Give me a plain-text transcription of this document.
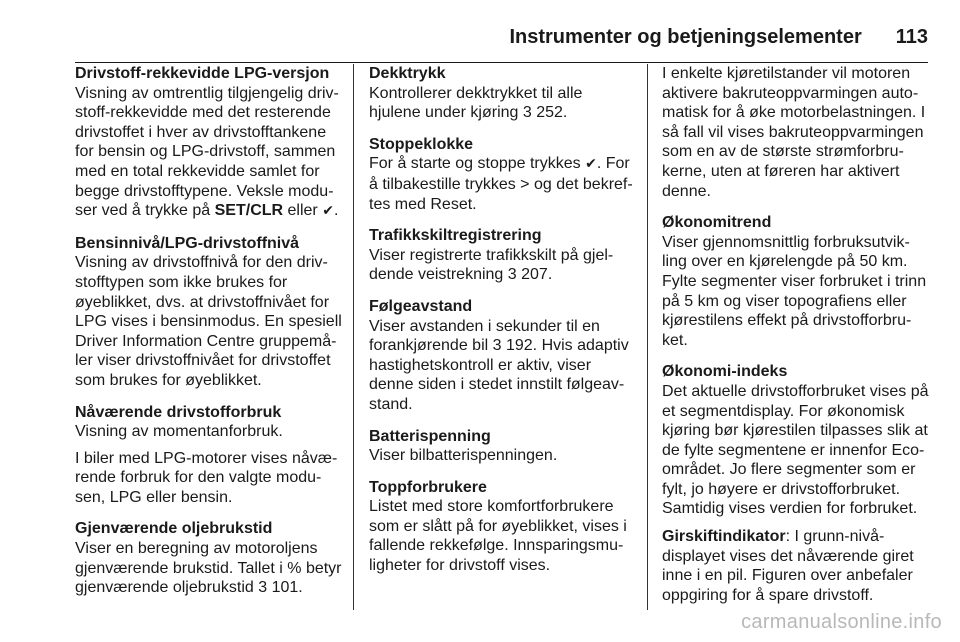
Instrumenter og betjeningselementer 113
Drivstoff-rekkevidde LPG-versjon

Visning av omtrentlig tilgjengelig driv-

stoff-rekkevidde med det resterende

drivstoffet i hver av drivstofftankene

for bensin og LPG-drivstoff, sammen

med en total rekkevidde samlet for

begge drivstofftypene. Veksle modu-

ser ved å trykke på SET/CLR eller ✔.

Bensinnivå/LPG-drivstoffnivå

Visning av drivstoffnivå for den driv-

stofftypen som ikke brukes for

øyeblikket, dvs. at drivstoffnivået for

LPG vises i bensinmodus. En spesiell

Driver Information Centre gruppemå-

ler viser drivstoffnivået for drivstoffet

som brukes for øyeblikket.

Nåværende drivstofforbruk

Visning av momentanforbruk.

I biler med LPG-motorer vises nåvæ-

rende forbruk for den valgte modu-

sen, LPG eller bensin.

Gjenværende oljebrukstid

Viser en beregning av motoroljens

gjenværende brukstid. Tallet i % betyr

gjenværende oljebrukstid 3 101.

Dekktrykk

Kontrollerer dekktrykket til alle

hjulene under kjøring 3 252.

Stoppeklokke

For å starte og stoppe trykkes ✔. For

å tilbakestille trykkes > og det bekref-

tes med Reset.

Trafikkskiltregistrering

Viser registrerte trafikkskilt på gjel-

dende veistrekning 3 207.

Følgeavstand

Viser avstanden i sekunder til en

forankjørende bil 3 192. Hvis adaptiv

hastighetskontroll er aktiv, viser

denne siden i stedet innstilt følgeav-

stand.

Batterispenning

Viser bilbatterispenningen.

Toppforbrukere

Listet med store komfortforbrukere

som er slått på for øyeblikket, vises i

fallende rekkefølge. Innsparingsmu-

ligheter for drivstoff vises.

I enkelte kjøretilstander vil motoren

aktivere bakruteoppvarmingen auto-

matisk for å øke motorbelastningen. I

så fall vil vises bakruteoppvarmingen

som en av de største strømforbru-

kerne, uten at føreren har aktivert

denne.

Økonomitrend

Viser gjennomsnittlig forbruksutvik-

ling over en kjørelengde på 50 km.

Fylte segmenter viser forbruket i trinn

på 5 km og viser topografiens eller

kjørestilens effekt på drivstofforbru-

ket.

Økonomi-indeks

Det aktuelle drivstofforbruket vises på

et segmentdisplay. For økonomisk

kjøring bør kjørestilen tilpasses slik at

de fylte segmentene er innenfor Eco-

området. Jo flere segmenter som er

fylt, jo høyere er drivstofforbruket.

Samtidig vises verdien for forbruket.

Girskiftindikator: I grunn-nivå-

displayet vises det nåværende giret

inne i en pil. Figuren over anbefaler

oppgiring for å spare drivstoff.

carmanualsonline.info
